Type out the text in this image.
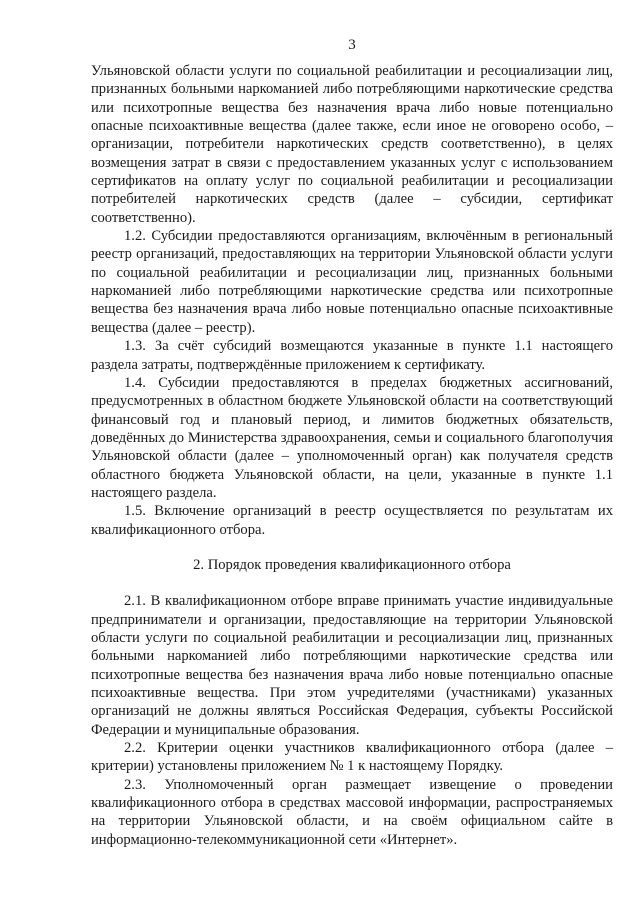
3

Ульяновской области услуги по социальной реабилитации и ресоциализации лиц, признанных больными наркоманией либо потребляющими наркотические средства или психотропные вещества без назначения врача либо новые потенциально опасные психоактивные вещества (далее также, если иное не оговорено особо, – организации, потребители наркотических средств соответственно), в целях возмещения затрат в связи с предоставлением указанных услуг с использованием сертификатов на оплату услуг по социальной реабилитации и ресоциализации потребителей наркотических средств (далее – субсидии, сертификат соответственно).

1.2. Субсидии предоставляются организациям, включённым в региональный реестр организаций, предоставляющих на территории Ульяновской области услуги по социальной реабилитации и ресоциализации лиц, признанных больными наркоманией либо потребляющими наркотические средства или психотропные вещества без назначения врача либо новые потенциально опасные психоактивные вещества (далее – реестр).

1.3. За счёт субсидий возмещаются указанные в пункте 1.1 настоящего раздела затраты, подтверждённые приложением к сертификату.

1.4. Субсидии предоставляются в пределах бюджетных ассигнований, предусмотренных в областном бюджете Ульяновской области на соответствующий финансовый год и плановый период, и лимитов бюджетных обязательств, доведённых до Министерства здравоохранения, семьи и социального благополучия Ульяновской области (далее – уполномоченный орган) как получателя средств областного бюджета Ульяновской области, на цели, указанные в пункте 1.1 настоящего раздела.

1.5. Включение организаций в реестр осуществляется по результатам их квалификационного отбора.

2. Порядок проведения квалификационного отбора

2.1. В квалификационном отборе вправе принимать участие индивидуальные предприниматели и организации, предоставляющие на территории Ульяновской области услуги по социальной реабилитации и ресоциализации лиц, признанных больными наркоманией либо потребляющими наркотические средства или психотропные вещества без назначения врача либо новые потенциально опасные психоактивные вещества. При этом учредителями (участниками) указанных организаций не должны являться Российская Федерация, субъекты Российской Федерации и муниципальные образования.

2.2. Критерии оценки участников квалификационного отбора (далее – критерии) установлены приложением № 1 к настоящему Порядку.

2.3. Уполномоченный орган размещает извещение о проведении квалификационного отбора в средствах массовой информации, распространяемых на территории Ульяновской области, и на своём официальном сайте в информационно-телекоммуникационной сети «Интернет».
